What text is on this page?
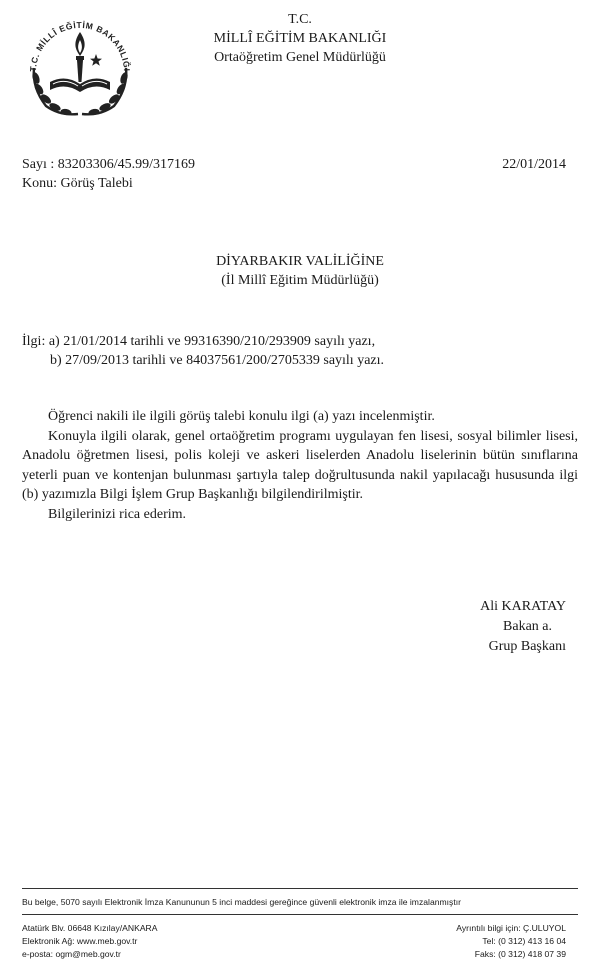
T.C. MİLLÎ EĞİTİM BAKANLIĞI
T.C.
MİLLÎ EĞİTİM BAKANLIĞI
Ortaöğretim Genel Müdürlüğü
Sayı : 83203306/45.99/317169	22/01/2014
Konu: Görüş Talebi
DİYARBAKIR VALİLİĞİNE
(İl Millî Eğitim Müdürlüğü)
İlgi: a) 21/01/2014 tarihli ve 99316390/210/293909 sayılı yazı,
b) 27/09/2013 tarihli ve 84037561/200/2705339 sayılı yazı.

Öğrenci nakili ile ilgili görüş talebi konulu ilgi (a) yazı incelenmiştir.

Konuyla ilgili olarak, genel ortaöğretim programı uygulayan fen lisesi, sosyal bilimler lisesi, Anadolu öğretmen lisesi, polis koleji ve askeri liselerden Anadolu liselerinin bütün sınıflarına yeterli puan ve kontenjan bulunması şartıyla talep doğrultusunda nakil yapılacağı hususunda ilgi (b) yazımızla Bilgi İşlem Grup Başkanlığı bilgilendirilmiştir.

Bilgilerinizi rica ederim.

Ali KARATAY
Bakan a.
Grup Başkanı
Bu belge, 5070 sayılı Elektronik İmza Kanununun 5 inci maddesi gereğince güvenli elektronik imza ile imzalanmıştır
Atatürk Blv. 06648 Kızılay/ANKARA
Elektronik Ağ: www.meb.gov.tr
e-posta: ogm@meb.gov.tr
Ayrıntılı bilgi için: Ç.ULUYOL
Tel: (0 312) 413 16 04
Faks: (0 312) 418 07 39
